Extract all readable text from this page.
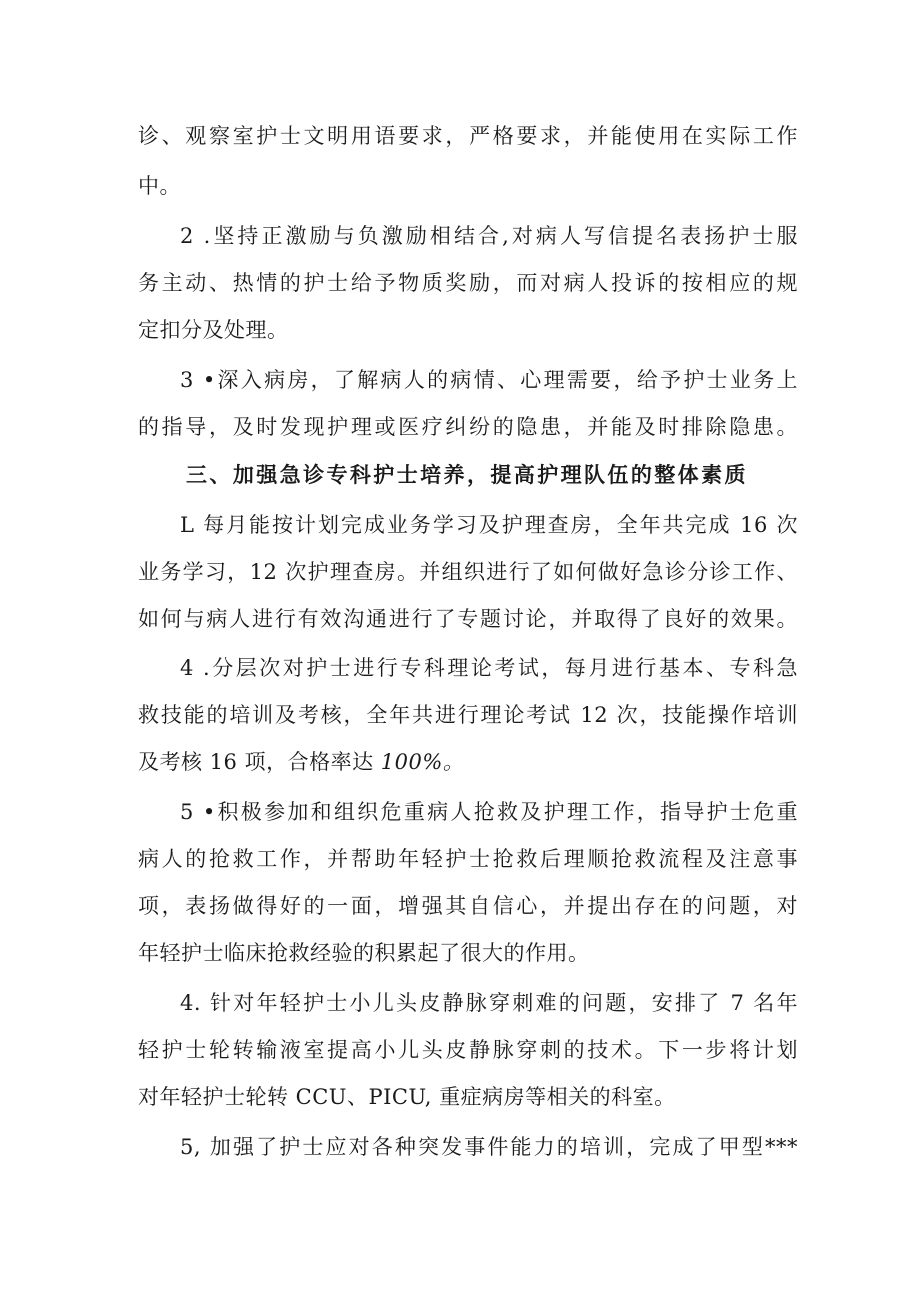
诊、观察室护士文明用语要求，严格要求，并能使用在实际工作
中。
2 .坚持正激励与负激励相结合,对病人写信提名表扬护士服
务主动、热情的护士给予物质奖励，而对病人投诉的按相应的规
定扣分及处理。
3 •深入病房，了解病人的病情、心理需要，给予护士业务上
的指导，及时发现护理或医疗纠纷的隐患，并能及时排除隐患。
三、加强急诊专科护士培养，提高护理队伍的整体素质
L 每月能按计划完成业务学习及护理查房，全年共完成 16 次
业务学习，12 次护理查房。并组织进行了如何做好急诊分诊工作、
如何与病人进行有效沟通进行了专题讨论，并取得了良好的效果。
4 .分层次对护士进行专科理论考试，每月进行基本、专科急
救技能的培训及考核，全年共进行理论考试 12 次，技能操作培训
及考核 16 项，合格率达 100%。
5 •积极参加和组织危重病人抢救及护理工作，指导护士危重
病人的抢救工作，并帮助年轻护士抢救后理顺抢救流程及注意事
项，表扬做得好的一面，增强其自信心，并提出存在的问题，对
年轻护士临床抢救经验的积累起了很大的作用。
4. 针对年轻护士小儿头皮静脉穿刺难的问题，安排了 7 名年
轻护士轮转输液室提高小儿头皮静脉穿刺的技术。下一步将计划
对年轻护士轮转 CCU、PICU, 重症病房等相关的科室。
5, 加强了护士应对各种突发事件能力的培训，完成了甲型***
